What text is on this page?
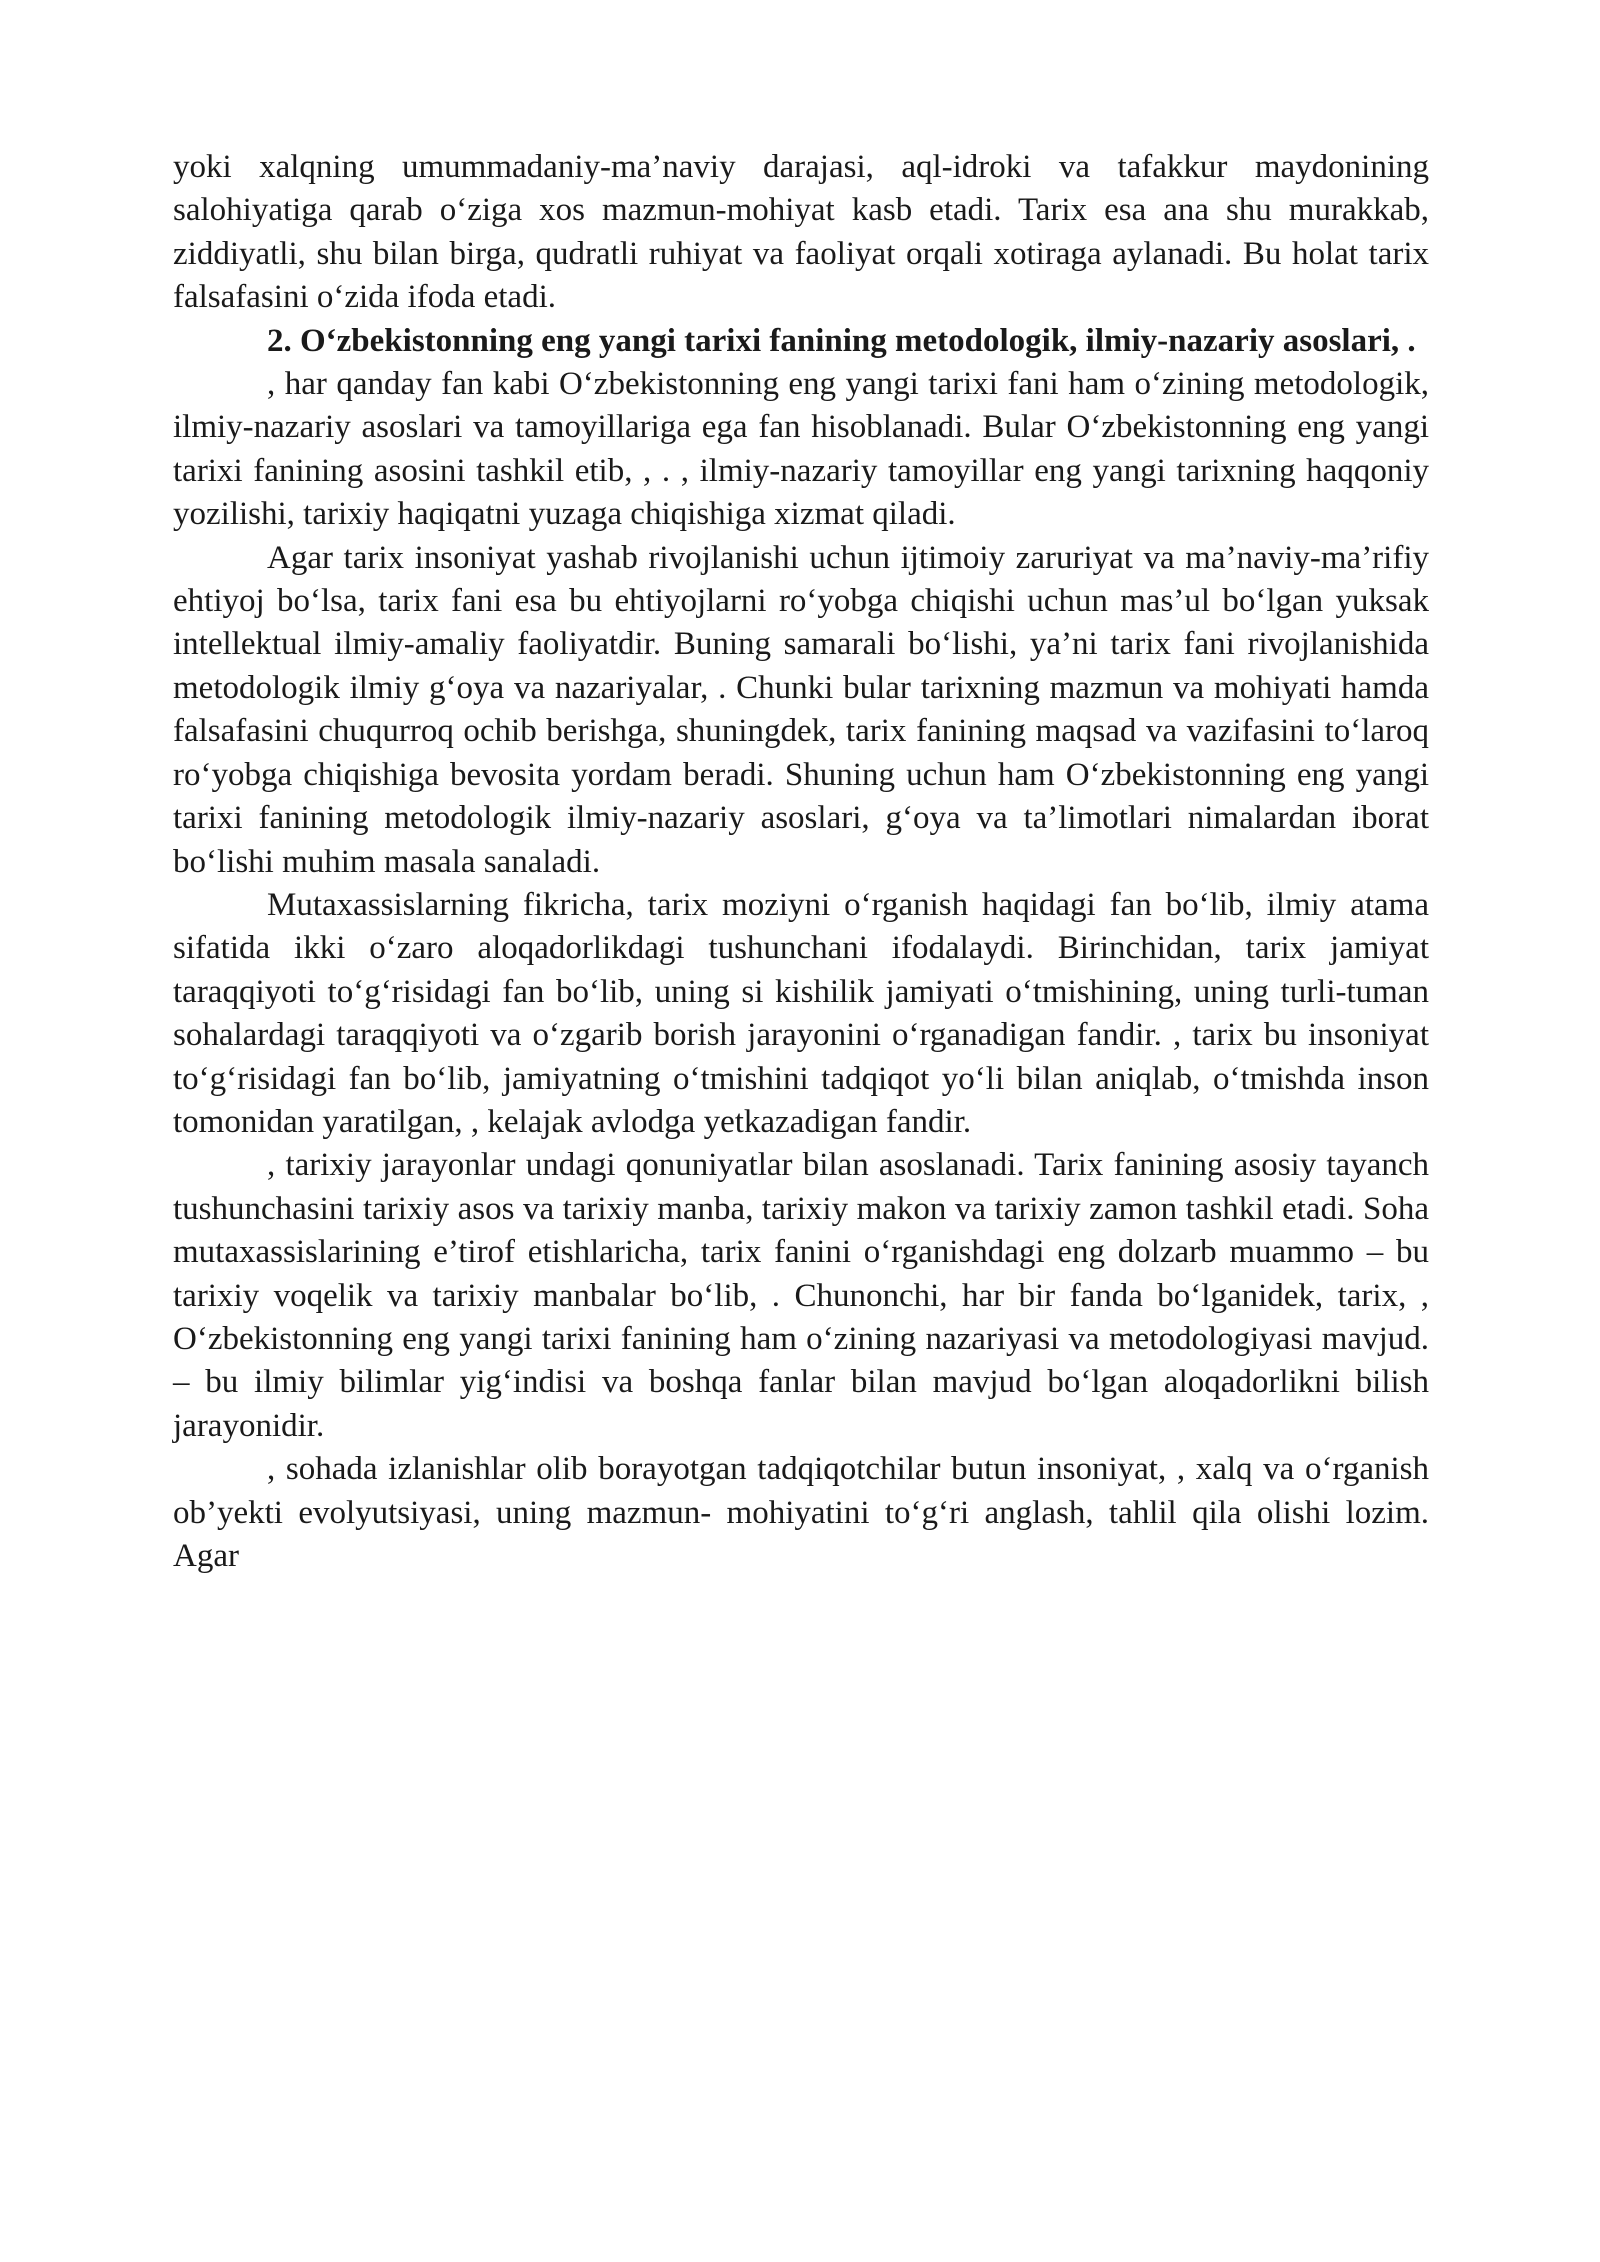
yoki xalqning umummadaniy-ma’naviy darajasi, aql-idroki va tafakkur maydonining salohiyatiga qarab o‘ziga xos mazmun-mohiyat kasb etadi. Tarix esa ana shu murakkab, ziddiyatli, shu bilan birga, qudratli ruhiyat va faoliyat orqali xotiraga aylanadi. Bu holat tarix falsafasini o‘zida ifoda etadi.

2. O‘zbekistonning eng yangi tarixi fanining metodologik, ilmiy-nazariy asoslari, .

, har qanday fan kabi O‘zbekistonning eng yangi tarixi fani ham o‘zining metodologik, ilmiy-nazariy asoslari va tamoyillariga ega fan hisoblanadi. Bular O‘zbekistonning eng yangi tarixi fanining asosini tashkil etib, , . , ilmiy-nazariy tamoyillar eng yangi tarixning haqqoniy yozilishi, tarixiy haqiqatni yuzaga chiqishiga xizmat qiladi.

Agar tarix insoniyat yashab rivojlanishi uchun ijtimoiy zaruriyat va ma’naviy-ma’rifiy ehtiyoj bo‘lsa, tarix fani esa bu ehtiyojlarni ro‘yobga chiqishi uchun mas’ul bo‘lgan yuksak intellektual ilmiy-amaliy faoliyatdir. Buning samarali bo‘lishi, ya’ni tarix fani rivojlanishida metodologik ilmiy g‘oya va nazariyalar, . Chunki bular tarixning mazmun va mohiyati hamda falsafasini chuqurroq ochib berishga, shuningdek, tarix fanining maqsad va vazifasini to‘laroq ro‘yobga chiqishiga bevosita yordam beradi. Shuning uchun ham O‘zbekistonning eng yangi tarixi fanining metodologik ilmiy-nazariy asoslari, g‘oya va ta’limotlari nimalardan iborat bo‘lishi muhim masala sanaladi.

Mutaxassislarning fikricha, tarix moziyni o‘rganish haqidagi fan bo‘lib, ilmiy atama sifatida ikki o‘zaro aloqadorlikdagi tushunchani ifodalaydi. Birinchidan, tarix jamiyat taraqqiyoti to‘g‘risidagi fan bo‘lib, uning si kishilik jamiyati o‘tmishining, uning turli-tuman sohalardagi taraqqiyoti va o‘zgarib borish jarayonini o‘rganadigan fandir. , tarix bu insoniyat to‘g‘risidagi fan bo‘lib, jamiyatning o‘tmishini tadqiqot yo‘li bilan aniqlab, o‘tmishda inson tomonidan yaratilgan, , kelajak avlodga yetkazadigan fandir.

, tarixiy jarayonlar undagi qonuniyatlar bilan asoslanadi. Tarix fanining asosiy tayanch tushunchasini tarixiy asos va tarixiy manba, tarixiy makon va tarixiy zamon tashkil etadi. Soha mutaxassislarining e’tirof etishlaricha, tarix fanini o‘rganishdagi eng dolzarb muammo – bu tarixiy voqelik va tarixiy manbalar bo‘lib, . Chunonchi, har bir fanda bo‘lganidek, tarix, , O‘zbekistonning eng yangi tarixi fanining ham o‘zining nazariyasi va metodologiyasi mavjud. – bu ilmiy bilimlar yig‘indisi va boshqa fanlar bilan mavjud bo‘lgan aloqadorlikni bilish jarayonidir.

, sohada izlanishlar olib borayotgan tadqiqotchilar butun insoniyat, , xalq va o‘rganish ob’yekti evolyutsiyasi, uning mazmun- mohiyatini to‘g‘ri anglash, tahlil qila olishi lozim. Agar
